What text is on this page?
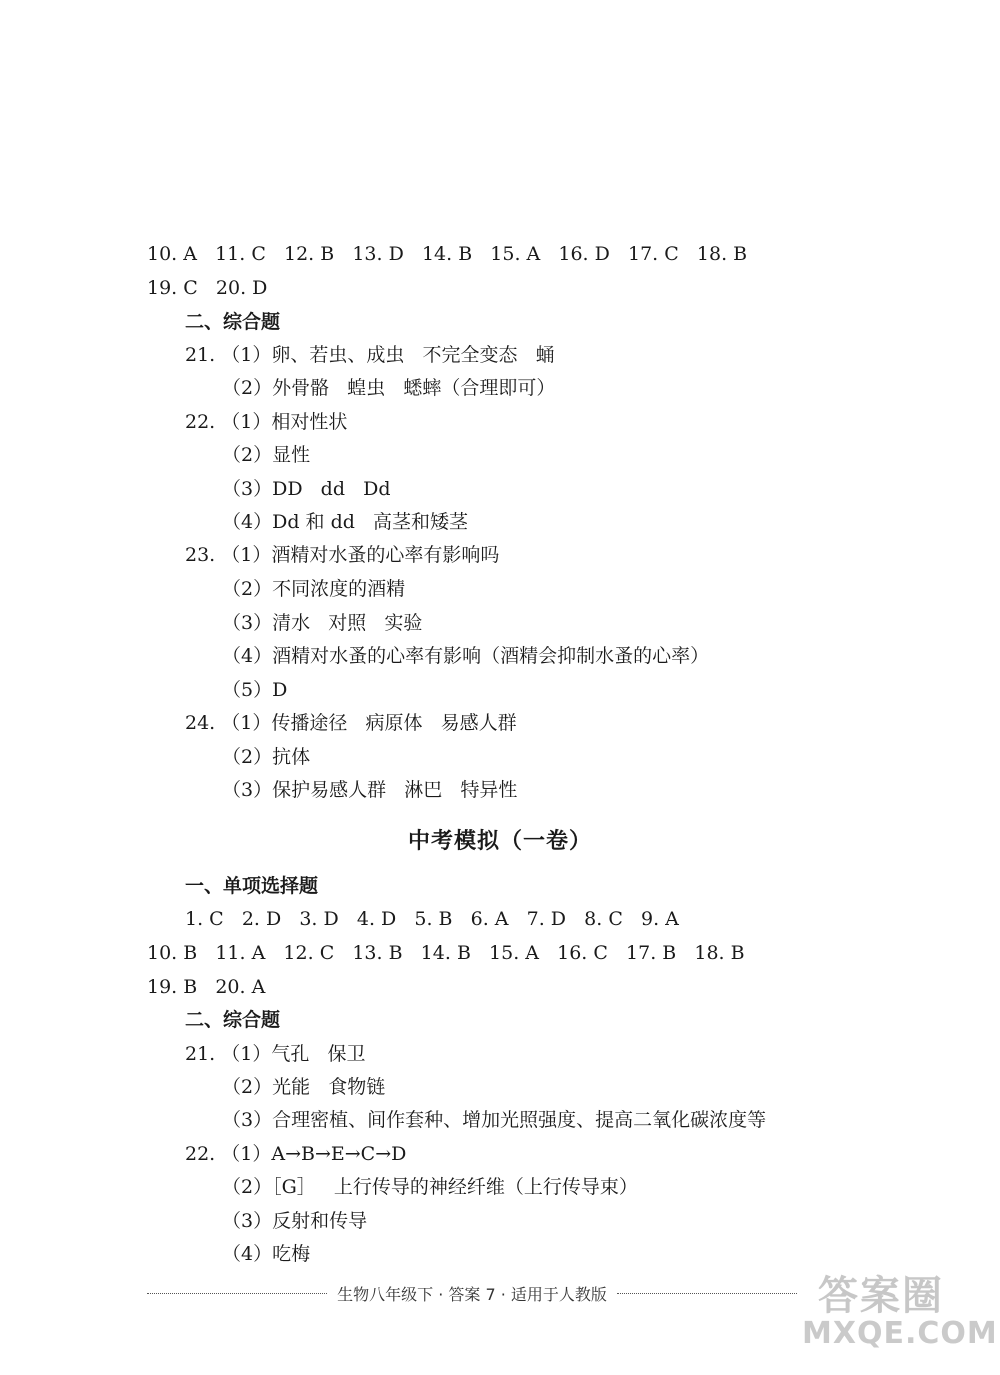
10. A   11. C   12. B   13. D   14. B   15. A   16. D   17. C   18. B
19. C   20. D
二、综合题
21. （1）卵、若虫、成虫   不完全变态   蛹
（2）外骨骼   蝗虫   蟋蟀（合理即可）
22. （1）相对性状
（2）显性
（3）DD   dd   Dd
（4）Dd 和 dd   高茎和矮茎
23. （1）酒精对水蚤的心率有影响吗
（2）不同浓度的酒精
（3）清水   对照   实验
（4）酒精对水蚤的心率有影响（酒精会抑制水蚤的心率）
（5）D
24. （1）传播途径   病原体   易感人群
（2）抗体
（3）保护易感人群   淋巴   特异性
中考模拟（一卷）
一、单项选择题
1. C   2. D   3. D   4. D   5. B   6. A   7. D   8. C   9. A
10. B   11. A   12. C   13. B   14. B   15. A   16. C   17. B   18. B
19. B   20. A
二、综合题
21. （1）气孔   保卫
（2）光能   食物链
（3）合理密植、间作套种、增加光照强度、提高二氧化碳浓度等
22. （1）A→B→E→C→D
（2）［G］   上行传导的神经纤维（上行传导束）
（3）反射和传导
（4）吃梅
生物八年级下 · 答案 7 · 适用于人教版	答案圈
MXQE.COM
